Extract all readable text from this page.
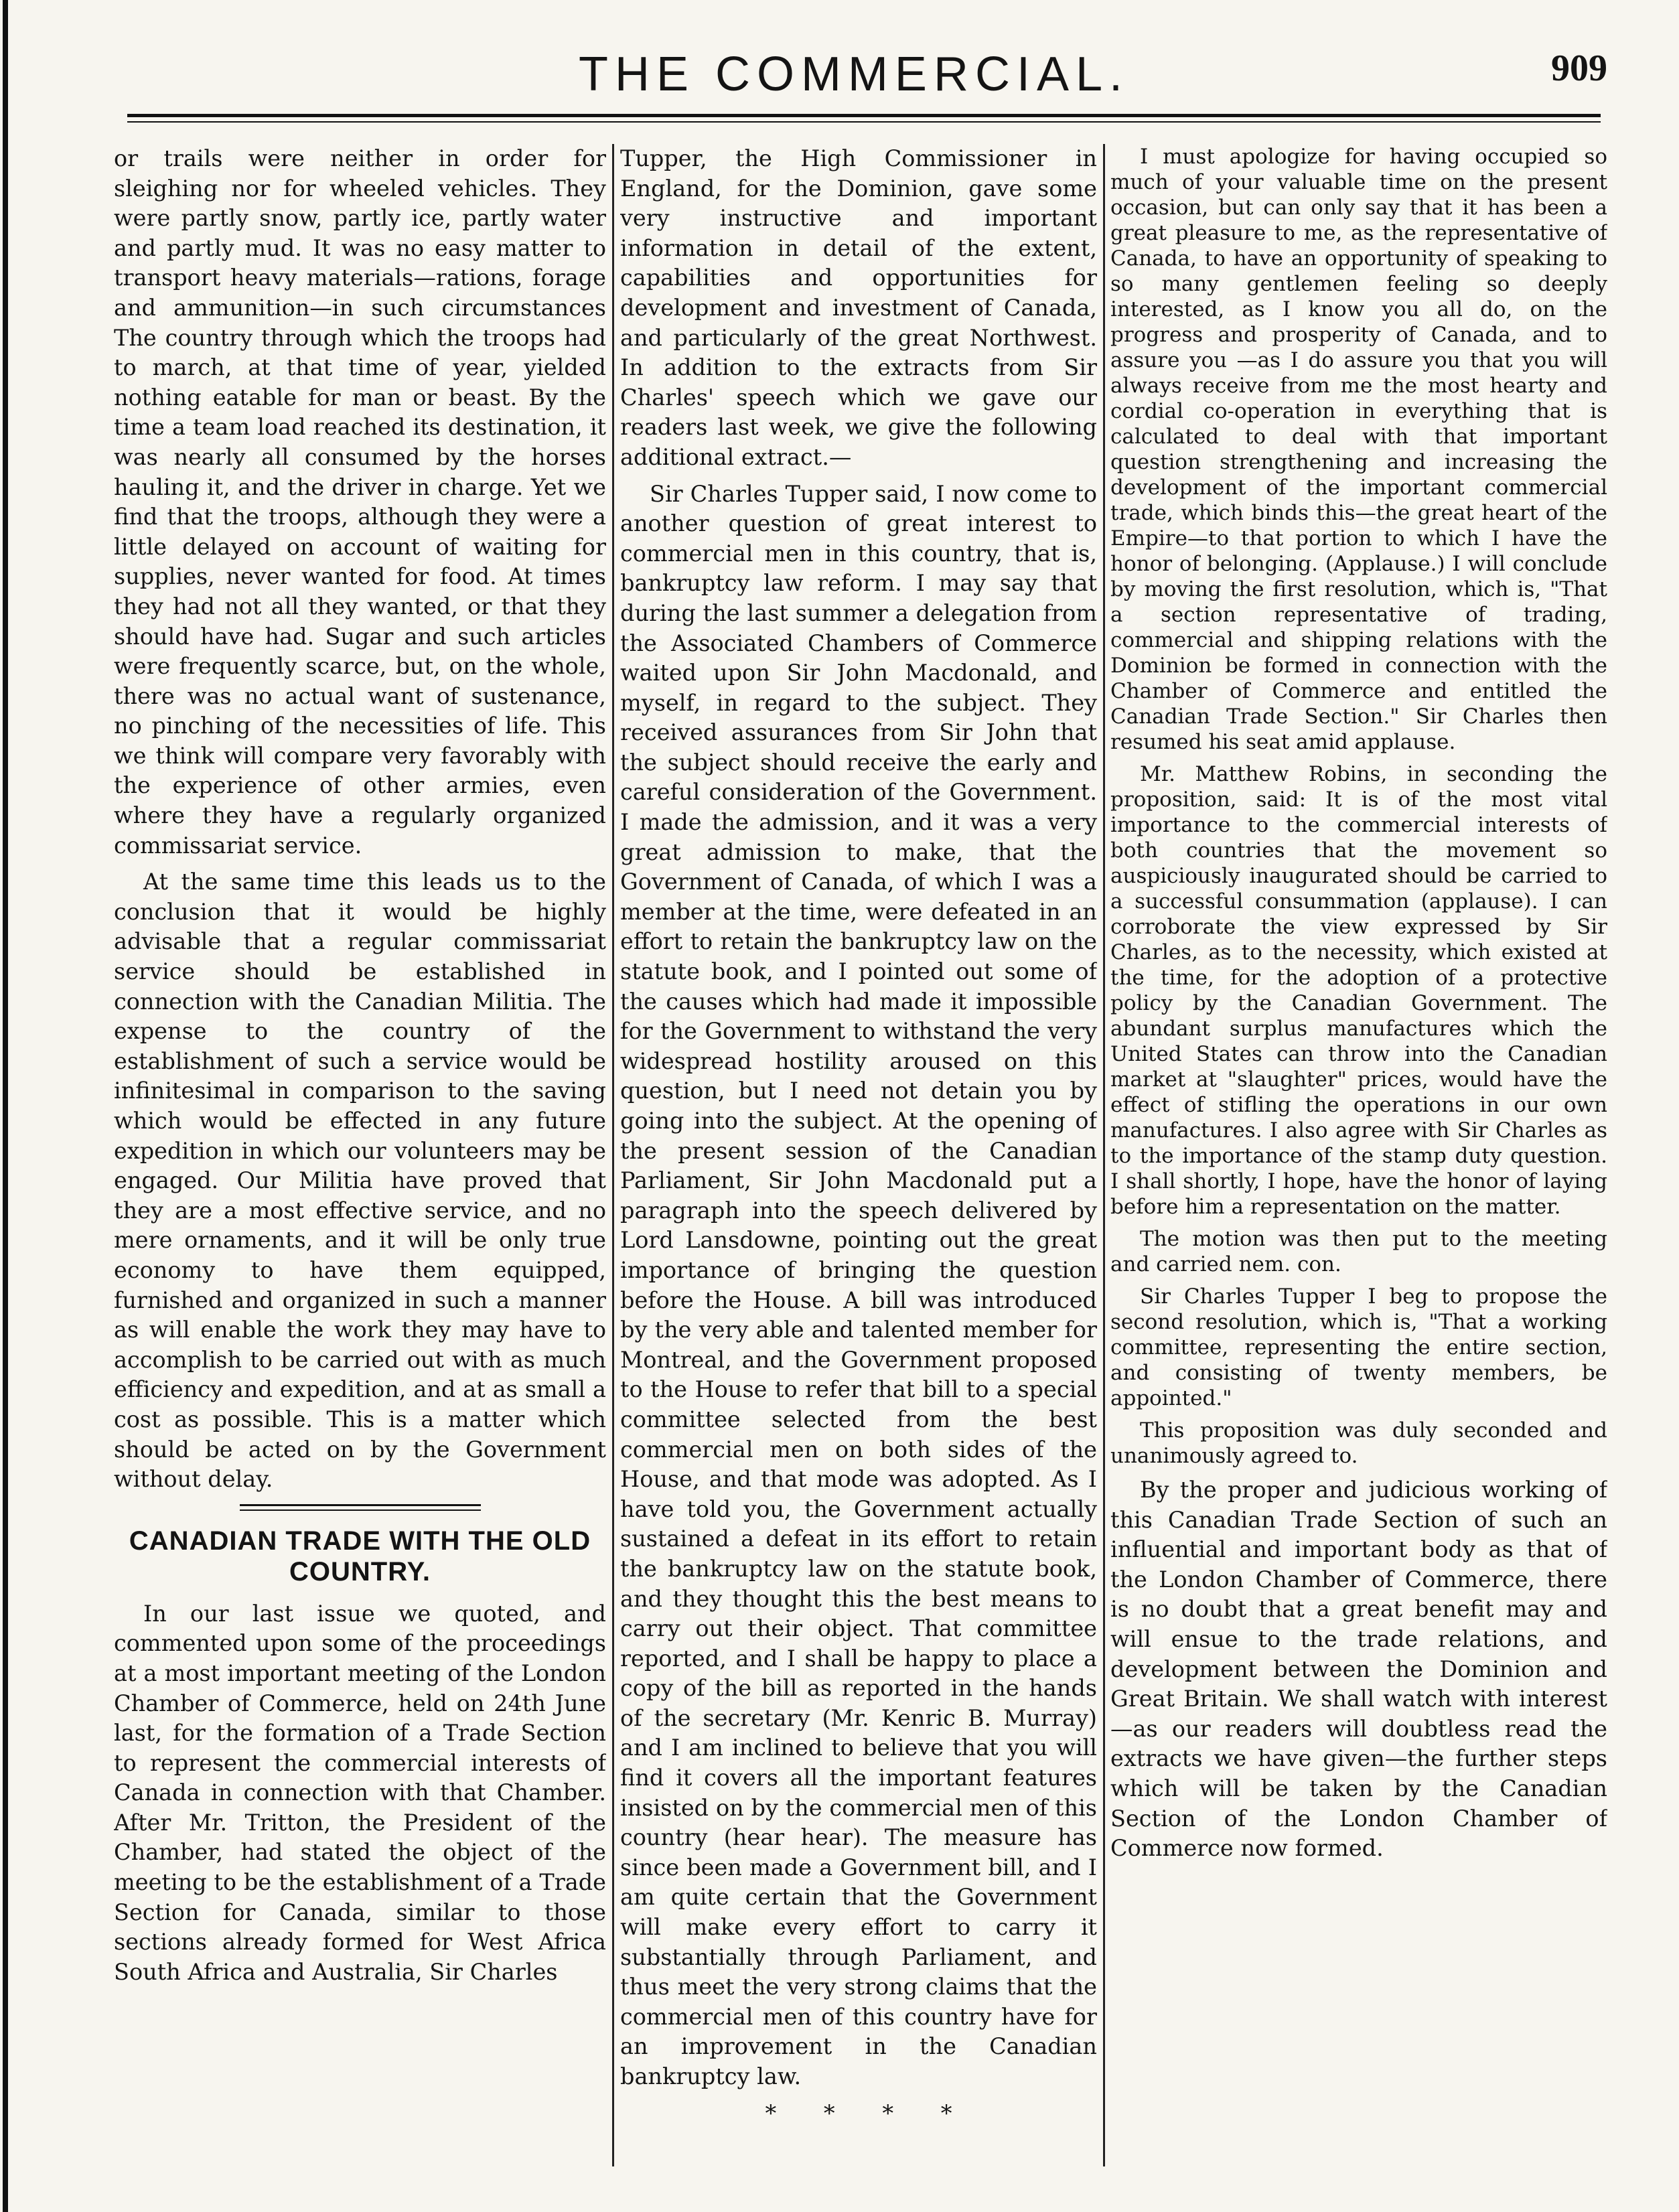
THE COMMERCIAL.	909

or trails were neither in order for sleighing nor for wheeled vehicles. They were partly snow, partly ice, partly water and partly mud. It was no easy matter to transport heavy materials—rations, forage and ammunition—in such circumstances The country through which the troops had to march, at that time of year, yielded nothing eatable for man or beast. By the time a team load reached its destination, it was nearly all consumed by the horses hauling it, and the driver in charge. Yet we find that the troops, although they were a little delayed on account of waiting for supplies, never wanted for food. At times they had not all they wanted, or that they should have had. Sugar and such articles were frequently scarce, but, on the whole, there was no actual want of sustenance, no pinching of the necessities of life. This we think will compare very favorably with the experience of other armies, even where they have a regularly organized commissariat service.

At the same time this leads us to the conclusion that it would be highly advisable that a regular commissariat service should be established in connection with the Canadian Militia. The expense to the country of the establishment of such a service would be infinitesimal in comparison to the saving which would be effected in any future expedition in which our volunteers may be engaged. Our Militia have proved that they are a most effective service, and no mere ornaments, and it will be only true economy to have them equipped, furnished and organized in such a manner as will enable the work they may have to accomplish to be carried out with as much efficiency and expedition, and at as small a cost as possible. This is a matter which should be acted on by the Government without delay.

CANADIAN TRADE WITH THE OLD COUNTRY.

In our last issue we quoted, and commented upon some of the proceedings at a most important meeting of the London Chamber of Commerce, held on 24th June last, for the formation of a Trade Section to represent the commercial interests of Canada in connection with that Chamber. After Mr. Tritton, the President of the Chamber, had stated the object of the meeting to be the establishment of a Trade Section for Canada, similar to those sections already formed for West Africa South Africa and Australia, Sir Charles

Tupper, the High Commissioner in England, for the Dominion, gave some very instructive and important information in detail of the extent, capabilities and opportunities for development and investment of Canada, and particularly of the great Northwest. In addition to the extracts from Sir Charles' speech which we gave our readers last week, we give the following additional extract.—

Sir Charles Tupper said, I now come to another question of great interest to commercial men in this country, that is, bankruptcy law reform. I may say that during the last summer a delegation from the Associated Chambers of Commerce waited upon Sir John Macdonald, and myself, in regard to the subject. They received assurances from Sir John that the subject should receive the early and careful consideration of the Government. I made the admission, and it was a very great admission to make, that the Government of Canada, of which I was a member at the time, were defeated in an effort to retain the bankruptcy law on the statute book, and I pointed out some of the causes which had made it impossible for the Government to withstand the very widespread hostility aroused on this question, but I need not detain you by going into the subject. At the opening of the present session of the Canadian Parliament, Sir John Macdonald put a paragraph into the speech delivered by Lord Lansdowne, pointing out the great importance of bringing the question before the House. A bill was introduced by the very able and talented member for Montreal, and the Government proposed to the House to refer that bill to a special committee selected from the best commercial men on both sides of the House, and that mode was adopted. As I have told you, the Government actually sustained a defeat in its effort to retain the bankruptcy law on the statute book, and they thought this the best means to carry out their object. That committee reported, and I shall be happy to place a copy of the bill as reported in the hands of the secretary (Mr. Kenric B. Murray) and I am inclined to believe that you will find it covers all the important features insisted on by the commercial men of this country (hear hear). The measure has since been made a Government bill, and I am quite certain that the Government will make every effort to carry it substantially through Parliament, and thus meet the very strong claims that the commercial men of this country have for an improvement in the Canadian bankruptcy law.

* * * *

I must apologize for having occupied so much of your valuable time on the present occasion, but can only say that it has been a great pleasure to me, as the representative of Canada, to have an opportunity of speaking to so many gentlemen feeling so deeply interested, as I know you all do, on the progress and prosperity of Canada, and to assure you —as I do assure you that you will always receive from me the most hearty and cordial co-operation in everything that is calculated to deal with that important question strengthening and increasing the development of the important commercial trade, which binds this—the great heart of the Empire—to that portion to which I have the honor of belonging. (Applause.) I will conclude by moving the first resolution, which is, "That a section representative of trading, commercial and shipping relations with the Dominion be formed in connection with the Chamber of Commerce and entitled the Canadian Trade Section." Sir Charles then resumed his seat amid applause.

Mr. Matthew Robins, in seconding the proposition, said: It is of the most vital importance to the commercial interests of both countries that the movement so auspiciously inaugurated should be carried to a successful consummation (applause). I can corroborate the view expressed by Sir Charles, as to the necessity, which existed at the time, for the adoption of a protective policy by the Canadian Government. The abundant surplus manufactures which the United States can throw into the Canadian market at "slaughter" prices, would have the effect of stifling the operations in our own manufactures. I also agree with Sir Charles as to the importance of the stamp duty question. I shall shortly, I hope, have the honor of laying before him a representation on the matter.

The motion was then put to the meeting and carried nem. con.

Sir Charles Tupper I beg to propose the second resolution, which is, "That a working committee, representing the entire section, and consisting of twenty members, be appointed."

This proposition was duly seconded and unanimously agreed to.

By the proper and judicious working of this Canadian Trade Section of such an influential and important body as that of the London Chamber of Commerce, there is no doubt that a great benefit may and will ensue to the trade relations, and development between the Dominion and Great Britain. We shall watch with interest—as our readers will doubtless read the extracts we have given—the further steps which will be taken by the Canadian Section of the London Chamber of Commerce now formed.
